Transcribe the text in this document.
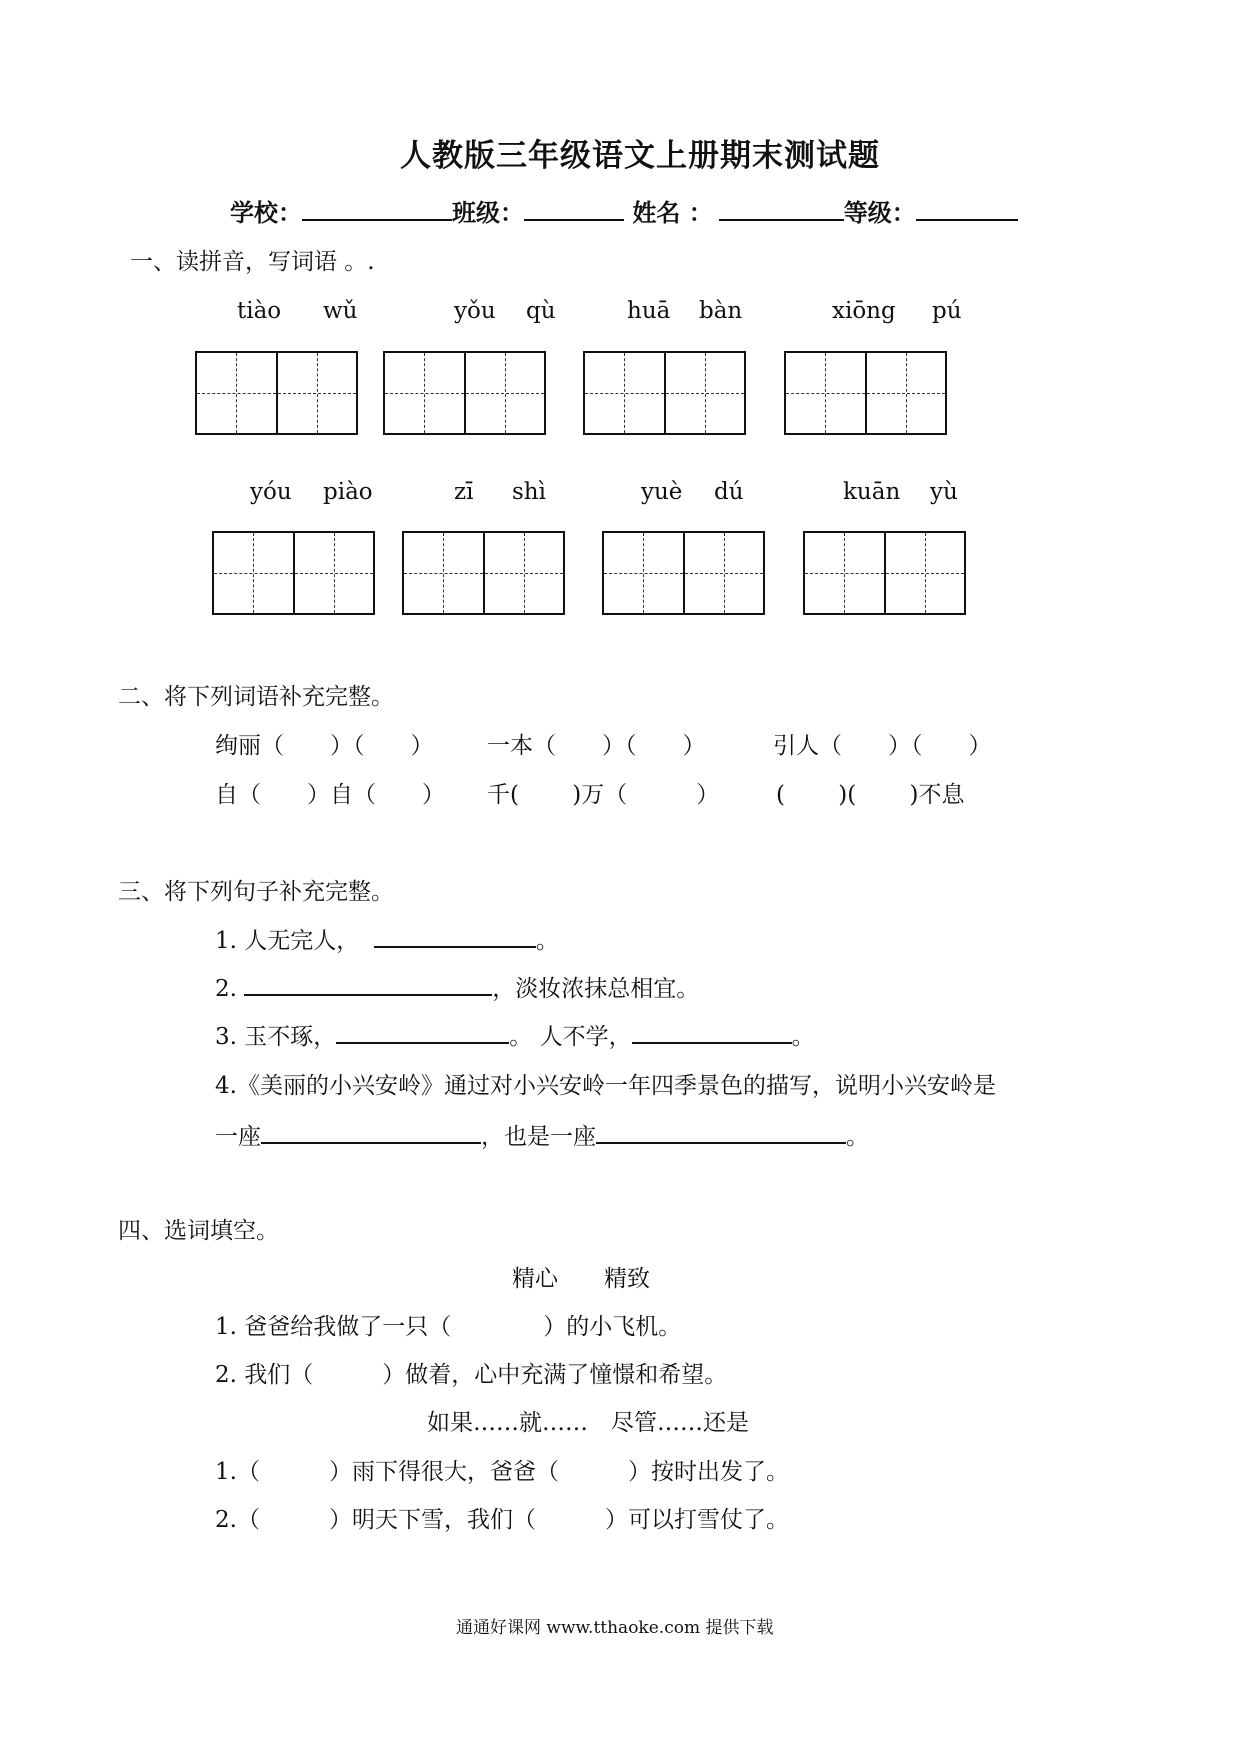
人教版三年级语文上册期末测试题
学校：	班级：	姓名 ：	等级：
一、读拼音，写词语 。.
tiào wǔ	yǒu qù	huā bàn	xiōng pú
yóu piào	zī shì	yuè dú	kuān yù
二、将下列词语补充完整。
绚丽（　　）（　　） 一本（　　）（　　）	引人（　　）（　　）
自（　　）自（　　） 千(　　 )万（　　　） (　　 )(　　 )不息
三、将下列句子补充完整。
1. 人无完人，	。
2.	，淡妆浓抹总相宜。
3. 玉不琢，	。 人不学，	。
4.《美丽的小兴安岭》通过对小兴安岭一年四季景色的描写，说明小兴安岭是
一座	，也是一座	。
四、选词填空。
精心　　精致
1. 爸爸给我做了一只（　　　　）的小飞机。
2. 我们（　　　）做着，心中充满了憧憬和希望。
如果……就……　尽管……还是
1.（　　　）雨下得很大，爸爸（　　　）按时出发了。
2.（　　　）明天下雪，我们（　　　）可以打雪仗了。
通通好课网 www.tthaoke.com 提供下载
